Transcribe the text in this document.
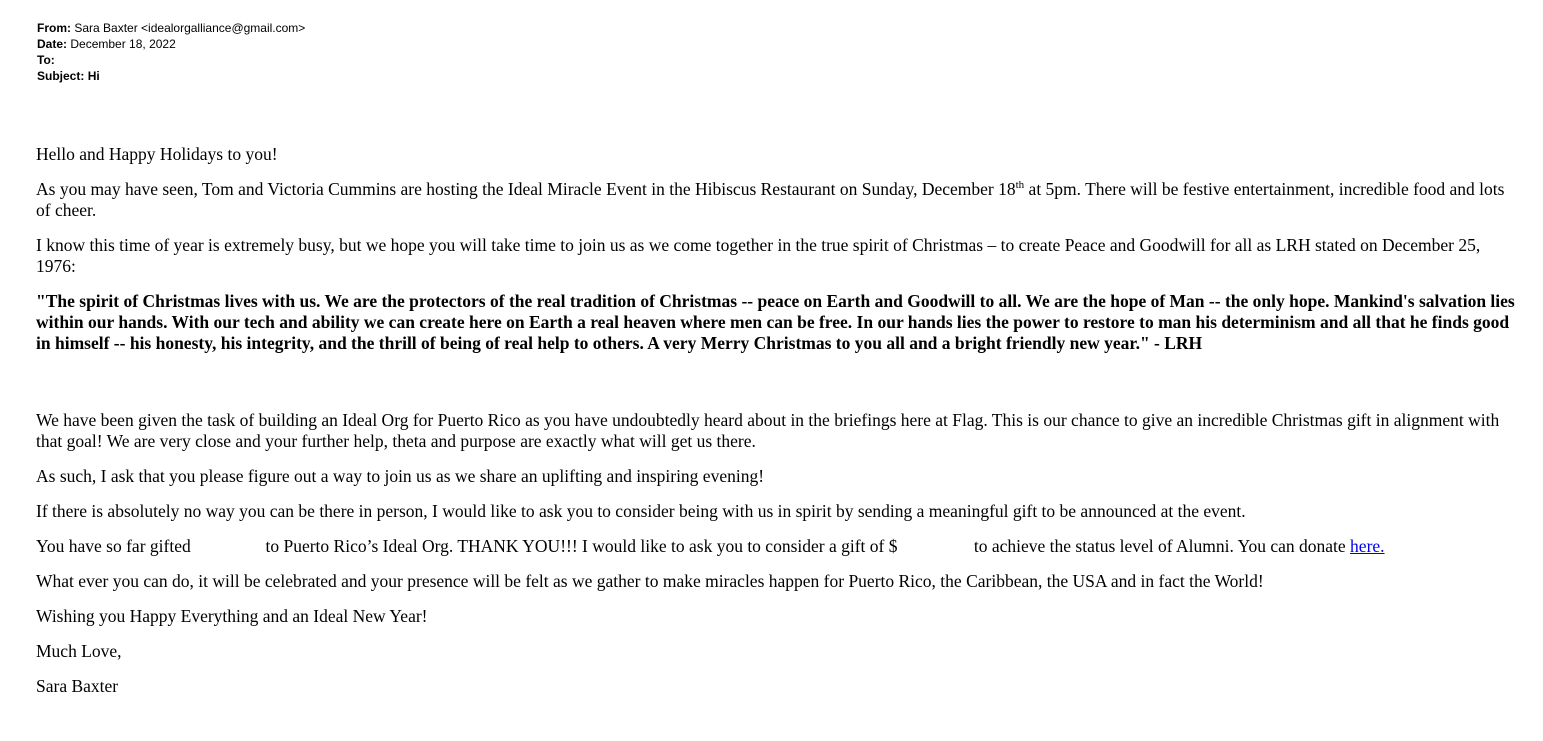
From: Sara Baxter <idealorgalliance@gmail.com>
Date: December 18, 2022
To:
Subject: Hi

Hello and Happy Holidays to you!

As you may have seen, Tom and Victoria Cummins are hosting the Ideal Miracle Event in the Hibiscus Restaurant on Sunday, December 18th at 5pm. There will be festive entertainment, incredible food and lots of cheer.

I know this time of year is extremely busy, but we hope you will take time to join us as we come together in the true spirit of Christmas – to create Peace and Goodwill for all as LRH stated on December 25, 1976:

"The spirit of Christmas lives with us. We are the protectors of the real tradition of Christmas -- peace on Earth and Goodwill to all. We are the hope of Man -- the only hope. Mankind's salvation lies within our hands. With our tech and ability we can create here on Earth a real heaven where men can be free. In our hands lies the power to restore to man his determinism and all that he finds good in himself -- his honesty, his integrity, and the thrill of being of real help to others. A very Merry Christmas to you all and a bright friendly new year." - LRH

We have been given the task of building an Ideal Org for Puerto Rico as you have undoubtedly heard about in the briefings here at Flag. This is our chance to give an incredible Christmas gift in alignment with that goal! We are very close and your further help, theta and purpose are exactly what will get us there.

As such, I ask that you please figure out a way to join us as we share an uplifting and inspiring evening!

If there is absolutely no way you can be there in person, I would like to ask you to consider being with us in spirit by sending a meaningful gift to be announced at the event.

You have so far gifted	to Puerto Rico’s Ideal Org. THANK YOU!!! I would like to ask you to consider a gift of $	to achieve the status level of Alumni. You can donate here.

What ever you can do, it will be celebrated and your presence will be felt as we gather to make miracles happen for Puerto Rico, the Caribbean, the USA and in fact the World!

Wishing you Happy Everything and an Ideal New Year!

Much Love,

Sara Baxter
